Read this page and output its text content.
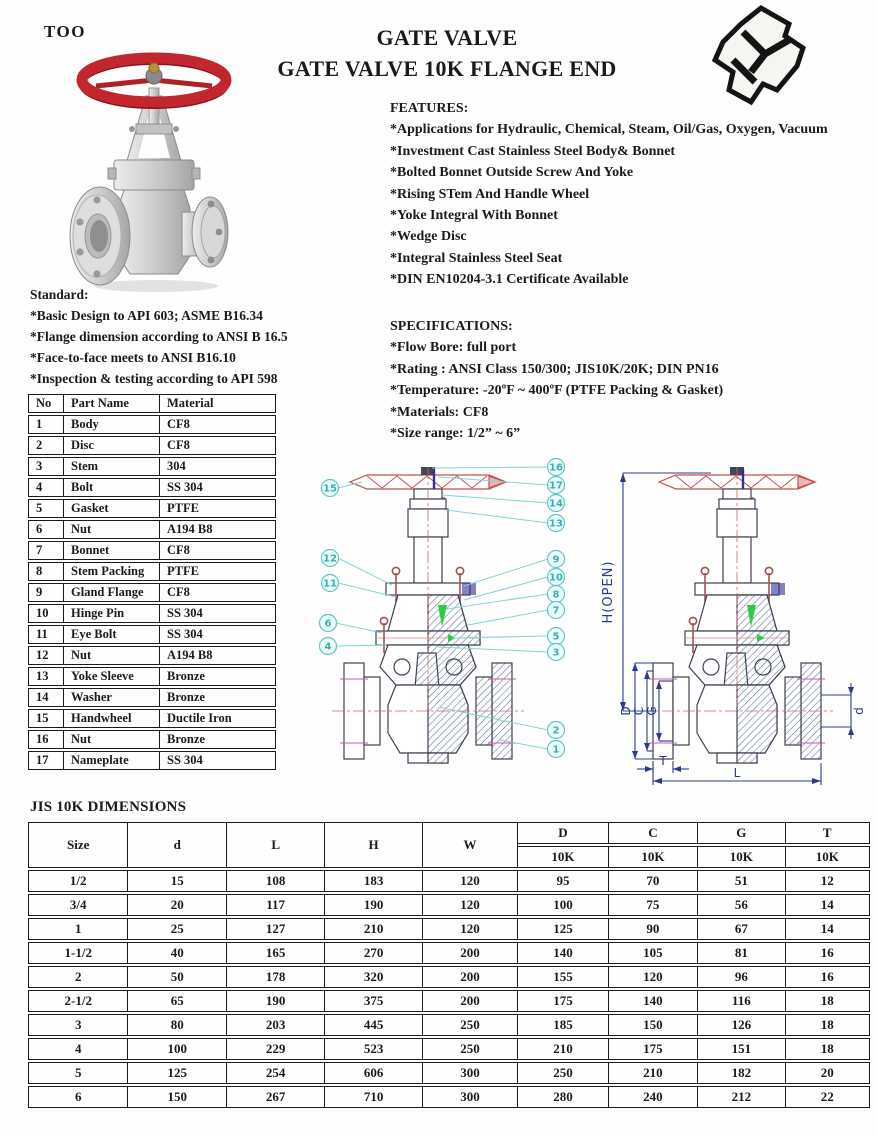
TOO	GATE VALVE
GATE VALVE 10K FLANGE END
FEATURES:
*Applications for Hydraulic, Chemical, Steam, Oil/Gas, Oxygen, Vacuum
*Investment Cast Stainless Steel Body& Bonnet
*Bolted Bonnet Outside Screw And Yoke
*Rising STem And Handle Wheel
*Yoke Integral With Bonnet
*Wedge Disc
*Integral Stainless Steel Seat
*DIN EN10204-3.1 Certificate Available
Standard:
*Basic Design to API 603; ASME B16.34
*Flange dimension according to ANSI B 16.5
*Face-to-face meets to ANSI B16.10
*Inspection & testing according to API 598
SPECIFICATIONS:
*Flow Bore: full port
*Rating : ANSI Class 150/300; JIS10K/20K; DIN PN16
*Temperature: -20ºF ~ 400ºF (PTFE Packing & Gasket)
*Materials: CF8
*Size range: 1/2” ~ 6”
No	Part Name	Material
1	Body	CF8
2	Disc	CF8
3	Stem	304
4	Bolt	SS 304
5	Gasket	PTFE
6	Nut	A194 B8
7	Bonnet	CF8
8	Stem Packing	PTFE
9	Gland Flange	CF8
10	Hinge Pin	SS 304
11	Eye Bolt	SS 304
12	Nut	A194 B8
13	Yoke Sleeve	Bronze
14	Washer	Bronze
15	Handwheel	Ductile Iron
16	Nut	Bronze
17	Nameplate	SS 304
15
12
11
6
4
16
17
14
13
9
10
8
7
5
3
2
1
H(OPEN)
D C G	d
T
L
JIS 10K DIMENSIONS
Size	d	L	H	W	D	C	G	T
					10K	10K	10K	10K
1/2	15	108	183	120	95	70	51	12
3/4	20	117	190	120	100	75	56	14
1	25	127	210	120	125	90	67	14
1-1/2	40	165	270	200	140	105	81	16
2	50	178	320	200	155	120	96	16
2-1/2	65	190	375	200	175	140	116	18
3	80	203	445	250	185	150	126	18
4	100	229	523	250	210	175	151	18
5	125	254	606	300	250	210	182	20
6	150	267	710	300	280	240	212	22
